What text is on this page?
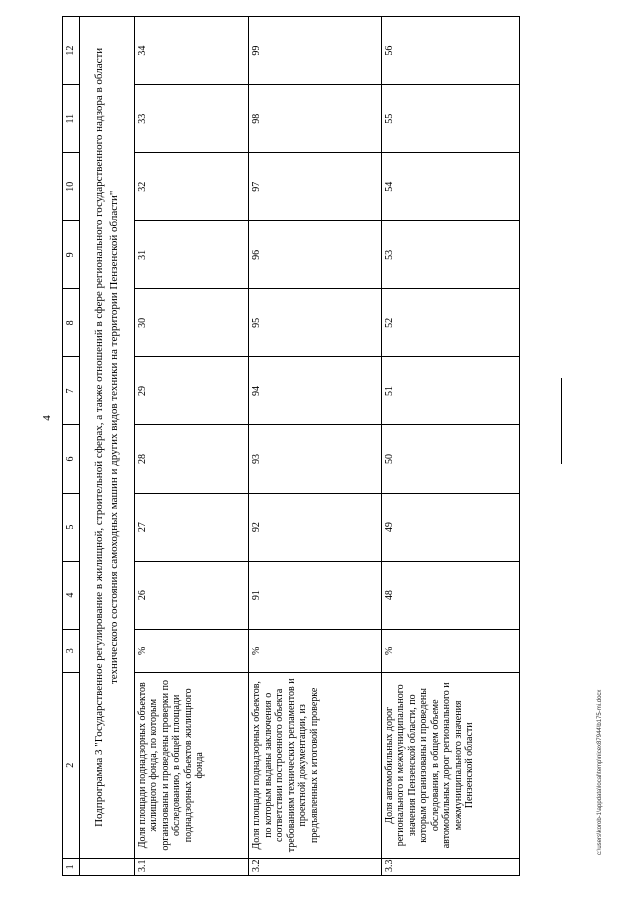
4
1	2	3	4	5	6	7	8	9	10	11	12
	Подпрограмма 3 "Государственное регулирование в жилищной, строительной сферах, а также отношений в сфере регионального государственного надзора в области технического состояния самоходных машин и других видов техники на территории Пензенской области"										
3.1	Доля площади поднадзорных объектов жилищного фонда, по которым организованы и проведены проверки по обследованию, в общей площади поднадзорных объектов жилищного фонда	%	26	27	28	29	30	31	32	33	34
3.2	Доля площади поднадзорных объектов, по которым выданы заключения о соответствии построенного объекта требованиям технических регламентов и проектной документации, из предъявленных к итоговой проверке	%	91	92	93	94	95	96	97	98	99
3.3	Доля автомобильных дорог регионального и межмуниципального значения Пензенской области, по которым организованы и проведены обследования, в общем объеме автомобильных дорог регионального и межмуниципального значения Пензенской области	%	48	49	50	51	52	53	54	55	56
c:\users\korob-1\appdata\local\temp\nicex87944\b175-mi.docx
